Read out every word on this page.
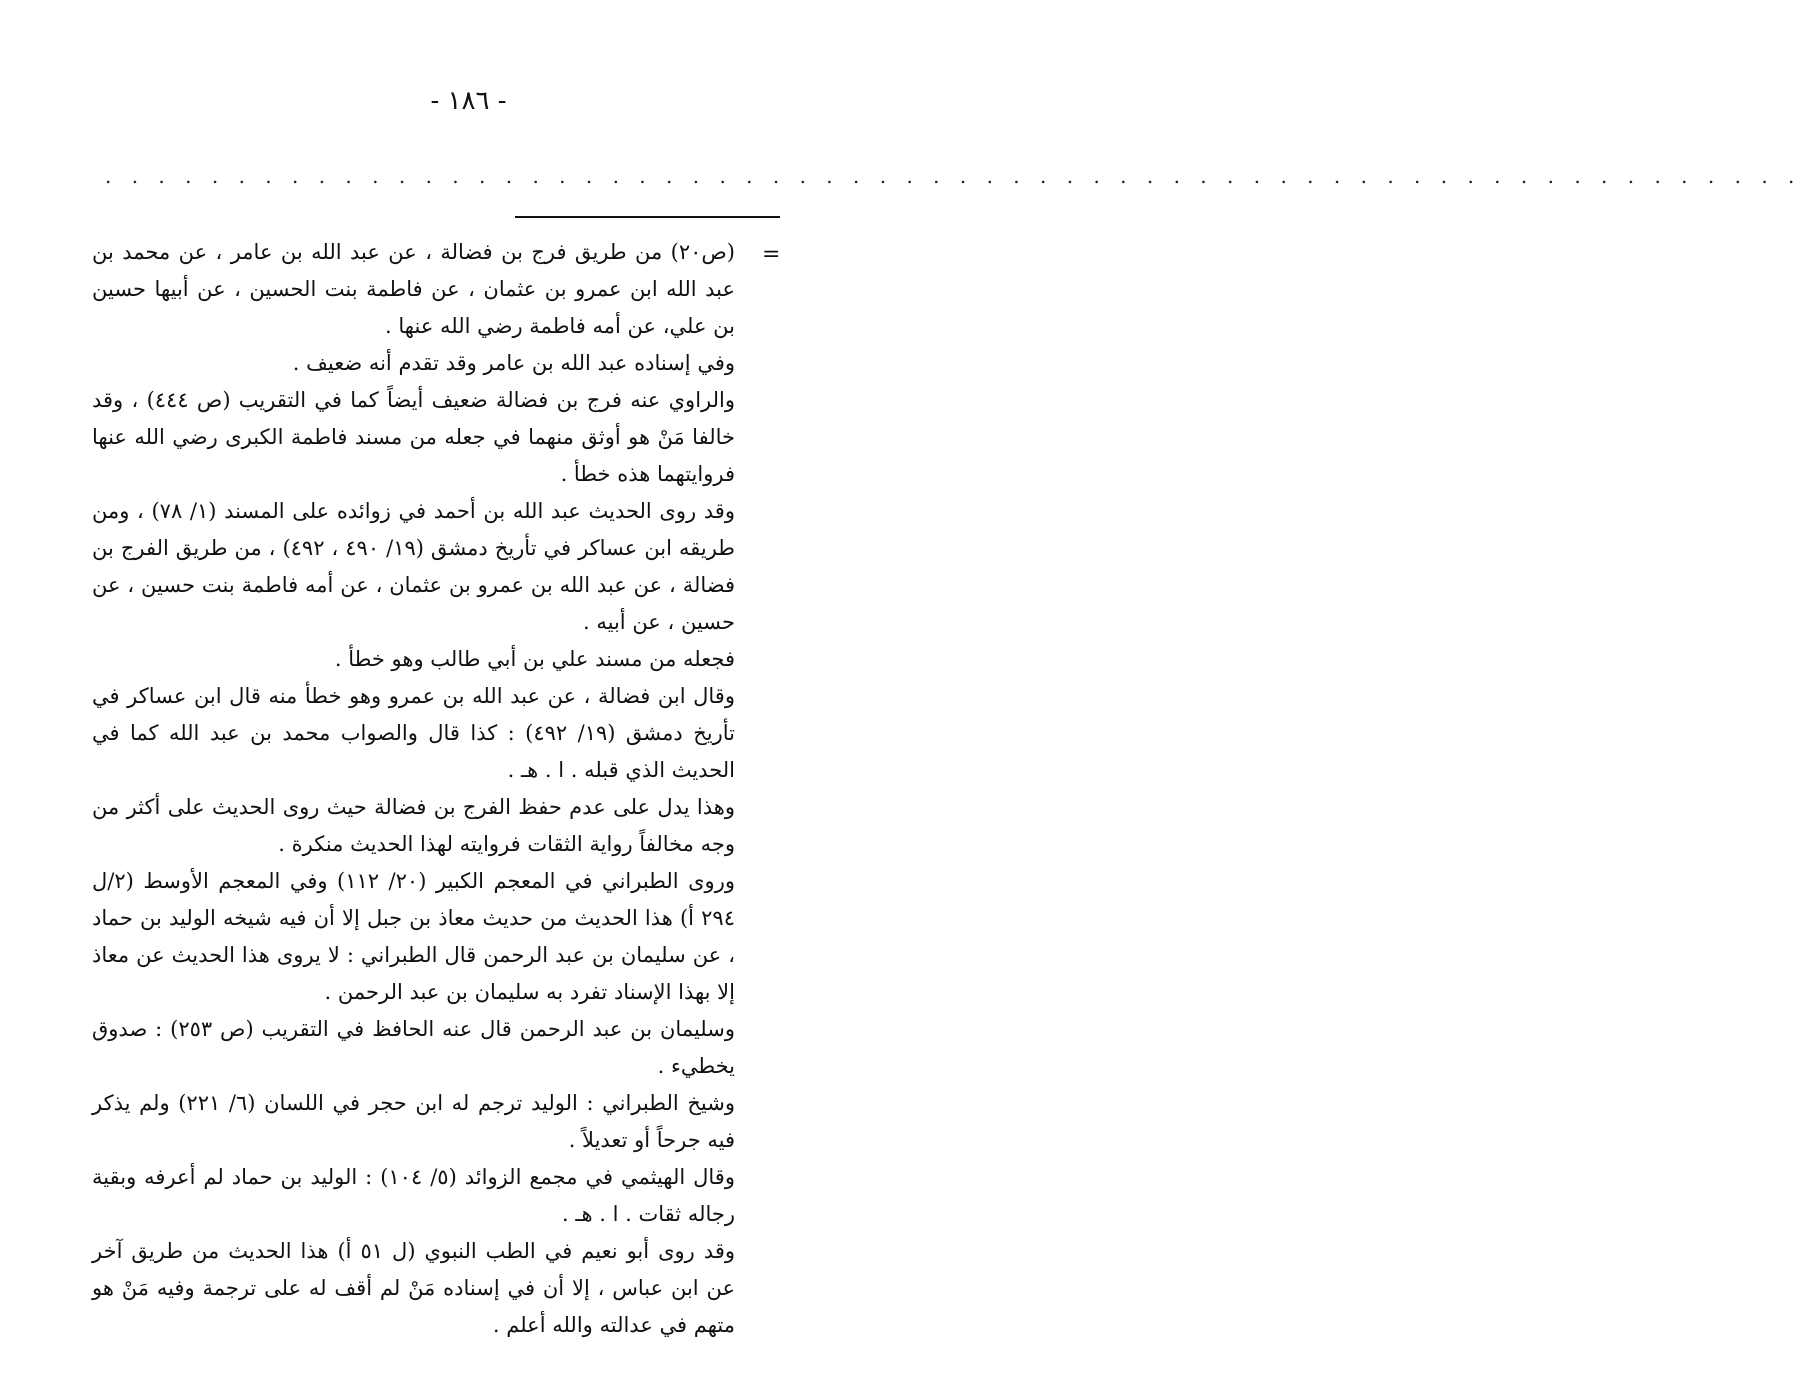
- ١٨٦ -
. . . . . . . . . . . . . . . . . . . . . . . . . . . . . . . . . . . . . . . . . . . . . . . . . . . . . . . . . . . . . . . .
=

(ص٢٠) من طريق فرج بن فضالة ، عن عبد الله بن عامر ، عن محمد بن عبد الله ابن عمرو بن عثمان ، عن فاطمة بنت الحسين ، عن أبيها حسين بن علي، عن أمه فاطمة رضي الله عنها .

وفي إسناده عبد الله بن عامر وقد تقدم أنه ضعيف .

والراوي عنه فرج بن فضالة ضعيف أيضاً كما في التقريب (ص ٤٤٤) ، وقد خالفا مَنْ هو أوثق منهما في جعله من مسند فاطمة الكبرى رضي الله عنها فروايتهما هذه خطأ .

وقد روى الحديث عبد الله بن أحمد في زوائده على المسند (١/ ٧٨) ، ومن طريقه ابن عساكر في تأريخ دمشق (١٩/ ٤٩٠ ، ٤٩٢) ، من طريق الفرج بن فضالة ، عن عبد الله بن عمرو بن عثمان ، عن أمه فاطمة بنت حسين ، عن حسين ، عن أبيه .

فجعله من مسند علي بن أبي طالب وهو خطأ .

وقال ابن فضالة ، عن عبد الله بن عمرو وهو خطأ منه قال ابن عساكر في تأريخ دمشق (١٩/ ٤٩٢) : كذا قال والصواب محمد بن عبد الله كما في الحديث الذي قبله . ا . هـ .

وهذا يدل على عدم حفظ الفرج بن فضالة حيث روى الحديث على أكثر من وجه مخالفاً رواية الثقات فروايته لهذا الحديث منكرة .

وروى الطبراني في المعجم الكبير (٢٠/ ١١٢) وفي المعجم الأوسط (٢/ل ٢٩٤ أ) هذا الحديث من حديث معاذ بن جبل إلا أن فيه شيخه الوليد بن حماد ، عن سليمان بن عبد الرحمن قال الطبراني : لا يروى هذا الحديث عن معاذ إلا بهذا الإسناد تفرد به سليمان بن عبد الرحمن .

وسليمان بن عبد الرحمن قال عنه الحافظ في التقريب (ص ٢٥٣) : صدوق يخطيء .

وشيخ الطبراني : الوليد ترجم له ابن حجر في اللسان (٦/ ٢٢١) ولم يذكر فيه جرحاً أو تعديلاً .

وقال الهيثمي في مجمع الزوائد (٥/ ١٠٤) : الوليد بن حماد لم أعرفه وبقية رجاله ثقات . ا . هـ .

وقد روى أبو نعيم في الطب النبوي (ل ٥١ أ) هذا الحديث من طريق آخر عن ابن عباس ، إلا أن في إسناده مَنْ لم أقف له على ترجمة وفيه مَنْ هو متهم في عدالته والله أعلم .
